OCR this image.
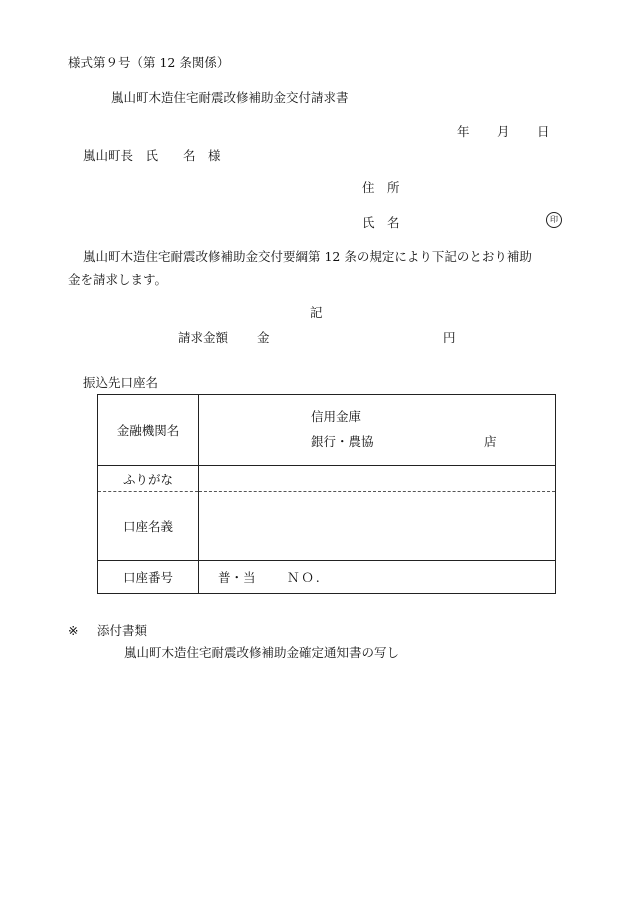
様式第９号（第 12 条関係）
嵐山町木造住宅耐震改修補助金交付請求書
年 月 日
嵐山町長　氏　　名　様
住　所
氏　名	印
嵐山町木造住宅耐震改修補助金交付要綱第 12 条の規定により下記のとおり補助
金を請求します。
記
請求金額 金	円
振込先口座名
金融機関名	信用金庫
銀行・農協 店

ふりがな	
口座名義	
口座番号	普・当 ＮＯ.
※ 添付書類
嵐山町木造住宅耐震改修補助金確定通知書の写し
